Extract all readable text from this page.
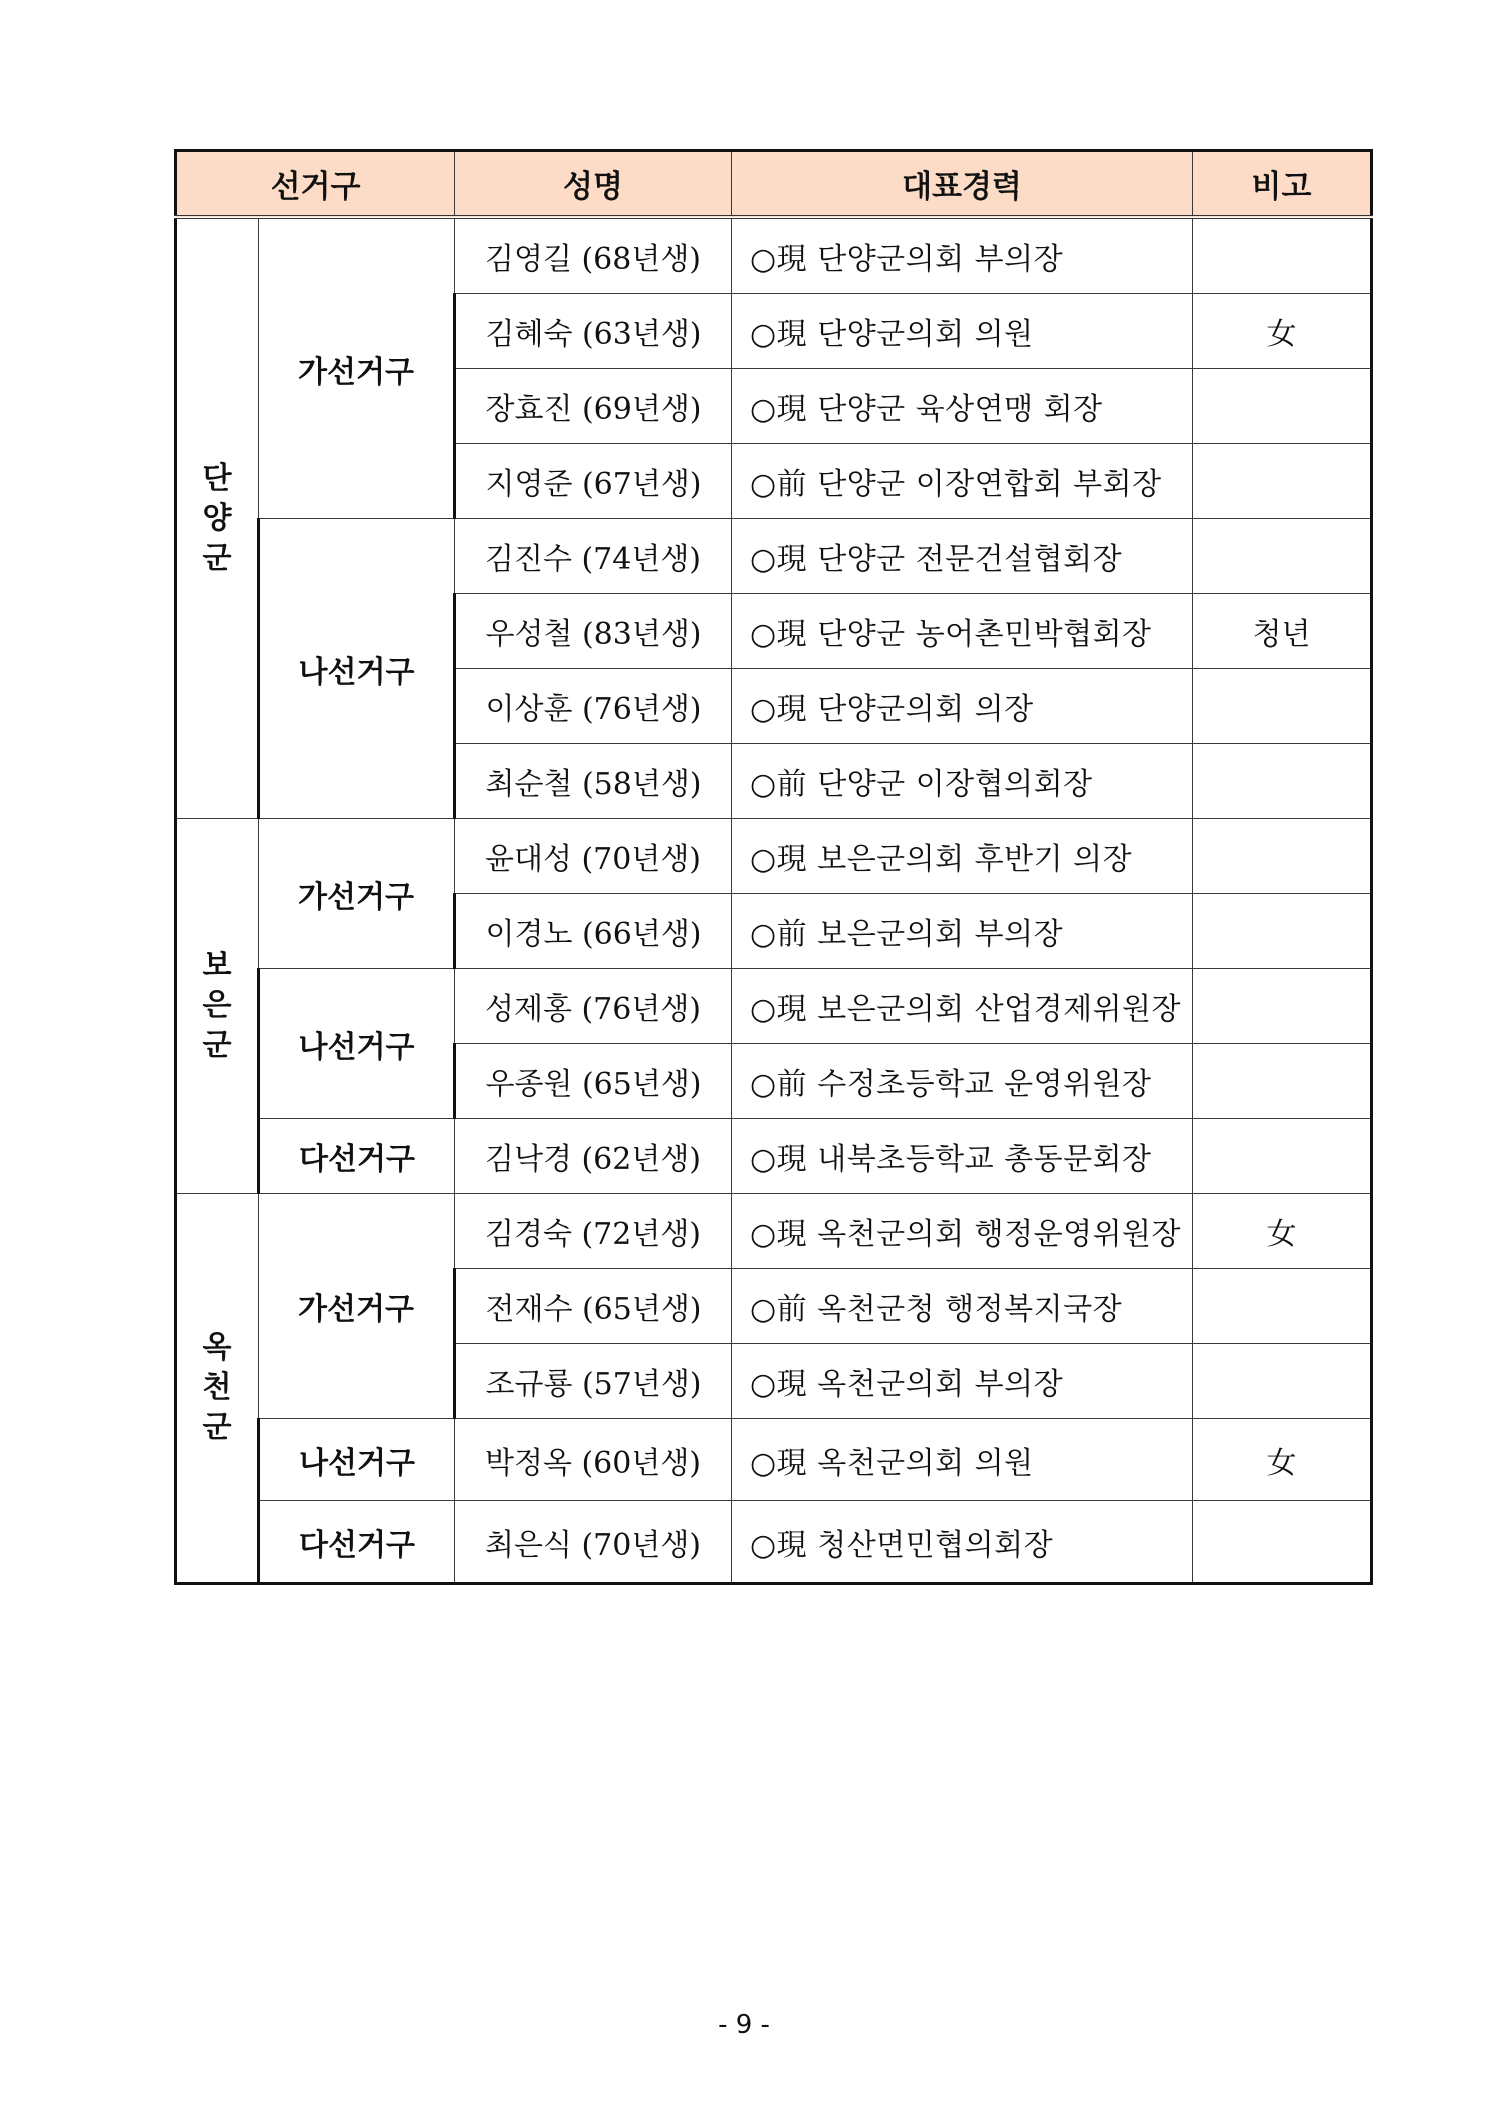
선거구		성명	대표경력	비고

단
양
군	가선거구	김영길 (68년생)	○現 단양군의회 부의장	
		김혜숙 (63년생)	○現 단양군의회 의원	女
		장효진 (69년생)	○現 단양군 육상연맹 회장	
		지영준 (67년생)	○前 단양군 이장연합회 부회장	
	나선거구	김진수 (74년생)	○現 단양군 전문건설협회장	
		우성철 (83년생)	○現 단양군 농어촌민박협회장	청년
		이상훈 (76년생)	○現 단양군의회 의장	
		최순철 (58년생)	○前 단양군 이장협의회장	

보
은
군	가선거구	윤대성 (70년생)	○現 보은군의회 후반기 의장	
		이경노 (66년생)	○前 보은군의회 부의장	
	나선거구	성제홍 (76년생)	○現 보은군의회 산업경제위원장	
		우종원 (65년생)	○前 수정초등학교 운영위원장	
	다선거구	김낙경 (62년생)	○現 내북초등학교 총동문회장	

옥
천
군	가선거구	김경숙 (72년생)	○現 옥천군의회 행정운영위원장	女
		전재수 (65년생)	○前 옥천군청 행정복지국장	
		조규룡 (57년생)	○現 옥천군의회 부의장	
	나선거구	박정옥 (60년생)	○現 옥천군의회 의원	女
	다선거구	최은식 (70년생)	○現 청산면민협의회장	
- 9 -
